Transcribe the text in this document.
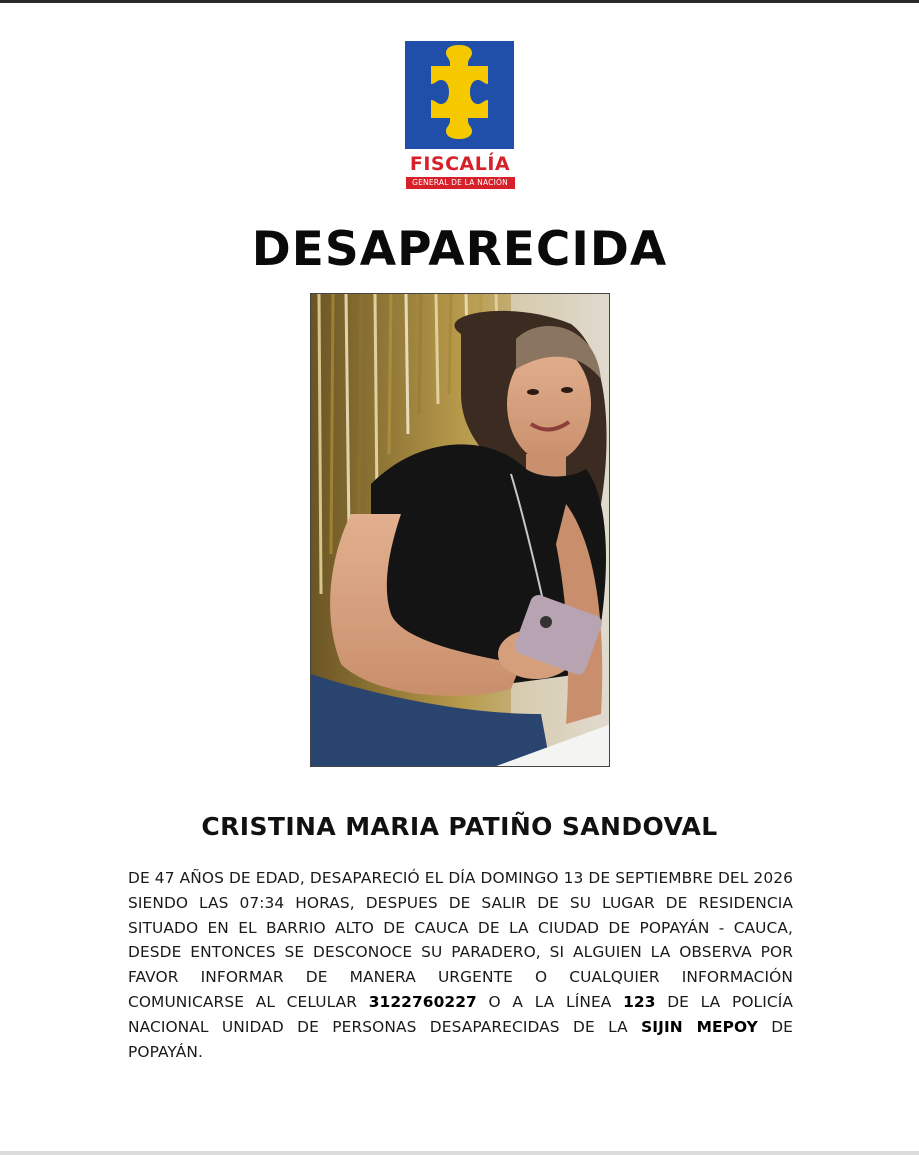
FISCALÍA
GENERAL DE LA NACIÓN
DESAPARECIDA
CRISTINA MARIA PATIÑO SANDOVAL
DE 47 AÑOS DE EDAD, DESAPARECIÓ EL DÍA DOMINGO 13 DE SEPTIEMBRE DEL 2026 SIENDO LAS 07:34 HORAS, DESPUES DE SALIR DE SU LUGAR DE RESIDENCIA SITUADO EN EL BARRIO ALTO DE CAUCA DE LA CIUDAD DE POPAYÁN - CAUCA, DESDE ENTONCES SE DESCONOCE SU PARADERO, SI ALGUIEN LA OBSERVA POR FAVOR INFORMAR DE MANERA URGENTE O CUALQUIER INFORMACIÓN COMUNICARSE AL CELULAR 3122760227 O A LA LÍNEA 123 DE LA POLICÍA NACIONAL UNIDAD DE PERSONAS DESAPARECIDAS DE LA SIJIN MEPOY DE POPAYÁN.
